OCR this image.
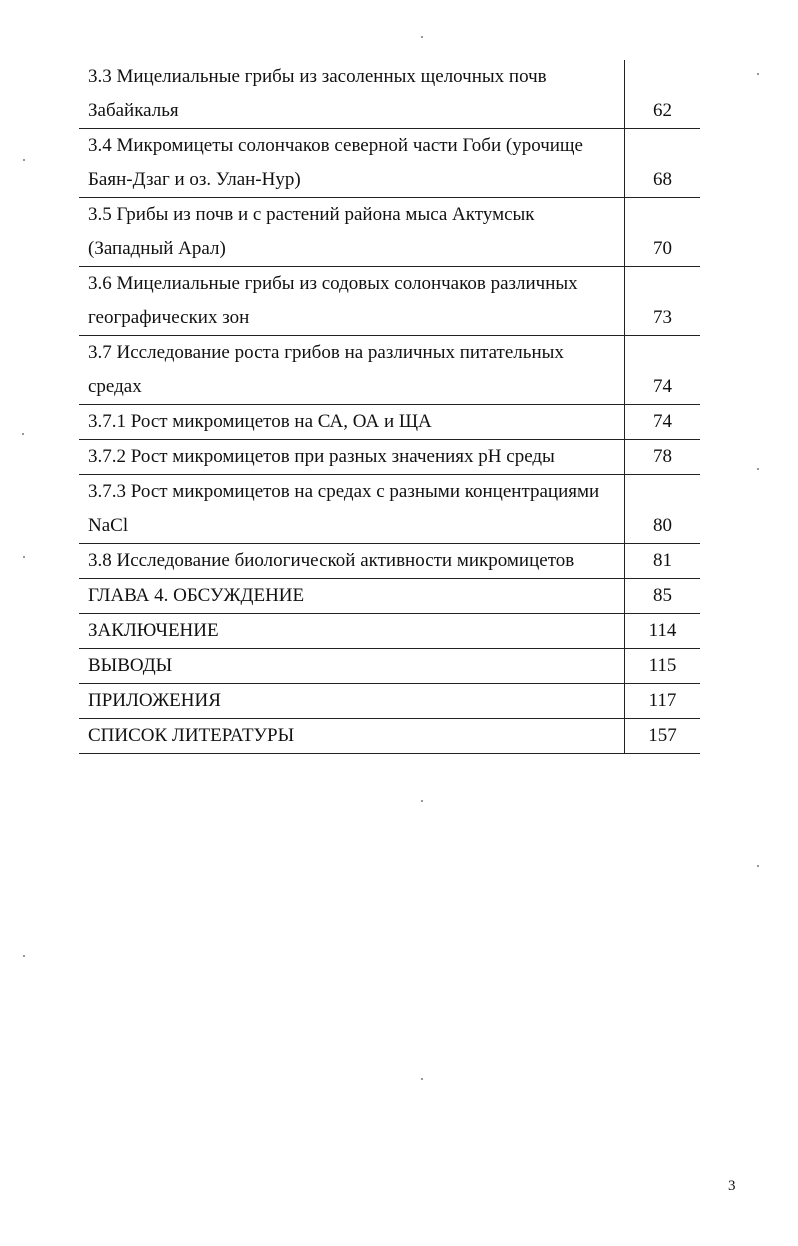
3.3 Мицелиальные грибы из засоленных щелочных почв Забайкалья	62
3.4 Микромицеты солончаков северной части Гоби (урочище Баян-Дзаг и оз. Улан-Нур)	68
3.5 Грибы из почв и с растений района мыса Актумсык (Западный Арал)	70
3.6 Мицелиальные грибы из содовых солончаков различных географических зон	73
3.7 Исследование роста грибов на различных питательных средах	74
3.7.1 Рост микромицетов на СА, ОА и ЩА	74
3.7.2 Рост микромицетов при разных значениях pH среды	78
3.7.3 Рост микромицетов на средах с разными концентрациями NaCl	80
3.8 Исследование биологической активности микромицетов	81
ГЛАВА 4. ОБСУЖДЕНИЕ	85
ЗАКЛЮЧЕНИЕ	114
ВЫВОДЫ	115
ПРИЛОЖЕНИЯ	117
СПИСОК ЛИТЕРАТУРЫ	157
3
